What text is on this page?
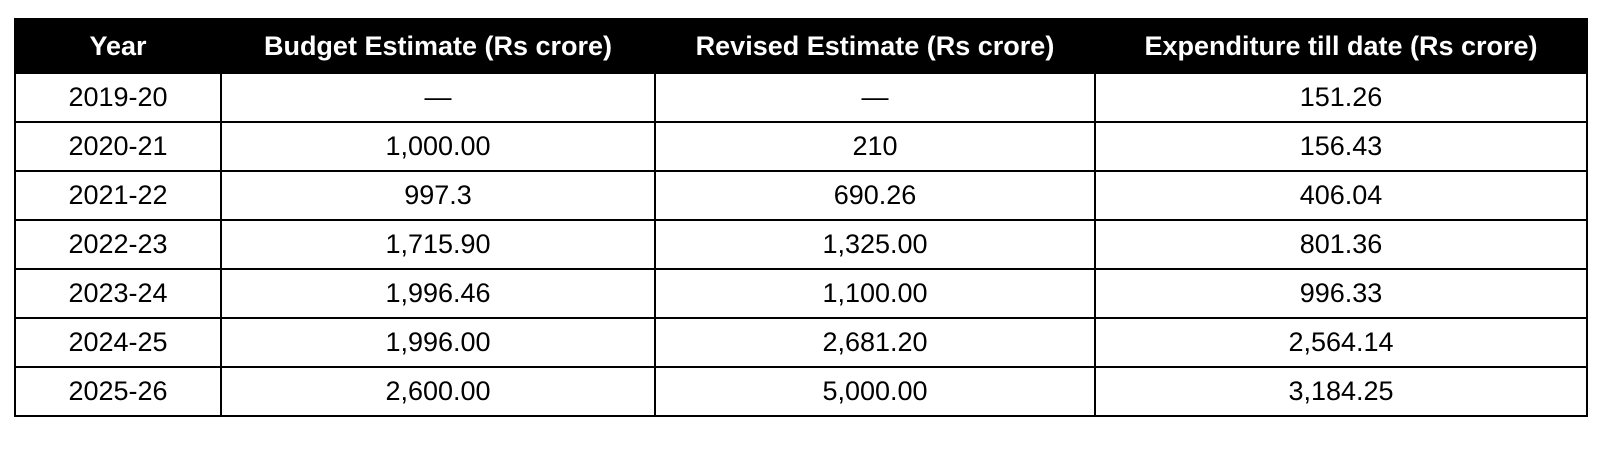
Year	Budget Estimate (Rs crore)	Revised Estimate (Rs crore)	Expenditure till date (Rs crore)
2019-20	—	—	151.26
2020-21	1,000.00	210	156.43
2021-22	997.3	690.26	406.04
2022-23	1,715.90	1,325.00	801.36
2023-24	1,996.46	1,100.00	996.33
2024-25	1,996.00	2,681.20	2,564.14
2025-26	2,600.00	5,000.00	3,184.25
